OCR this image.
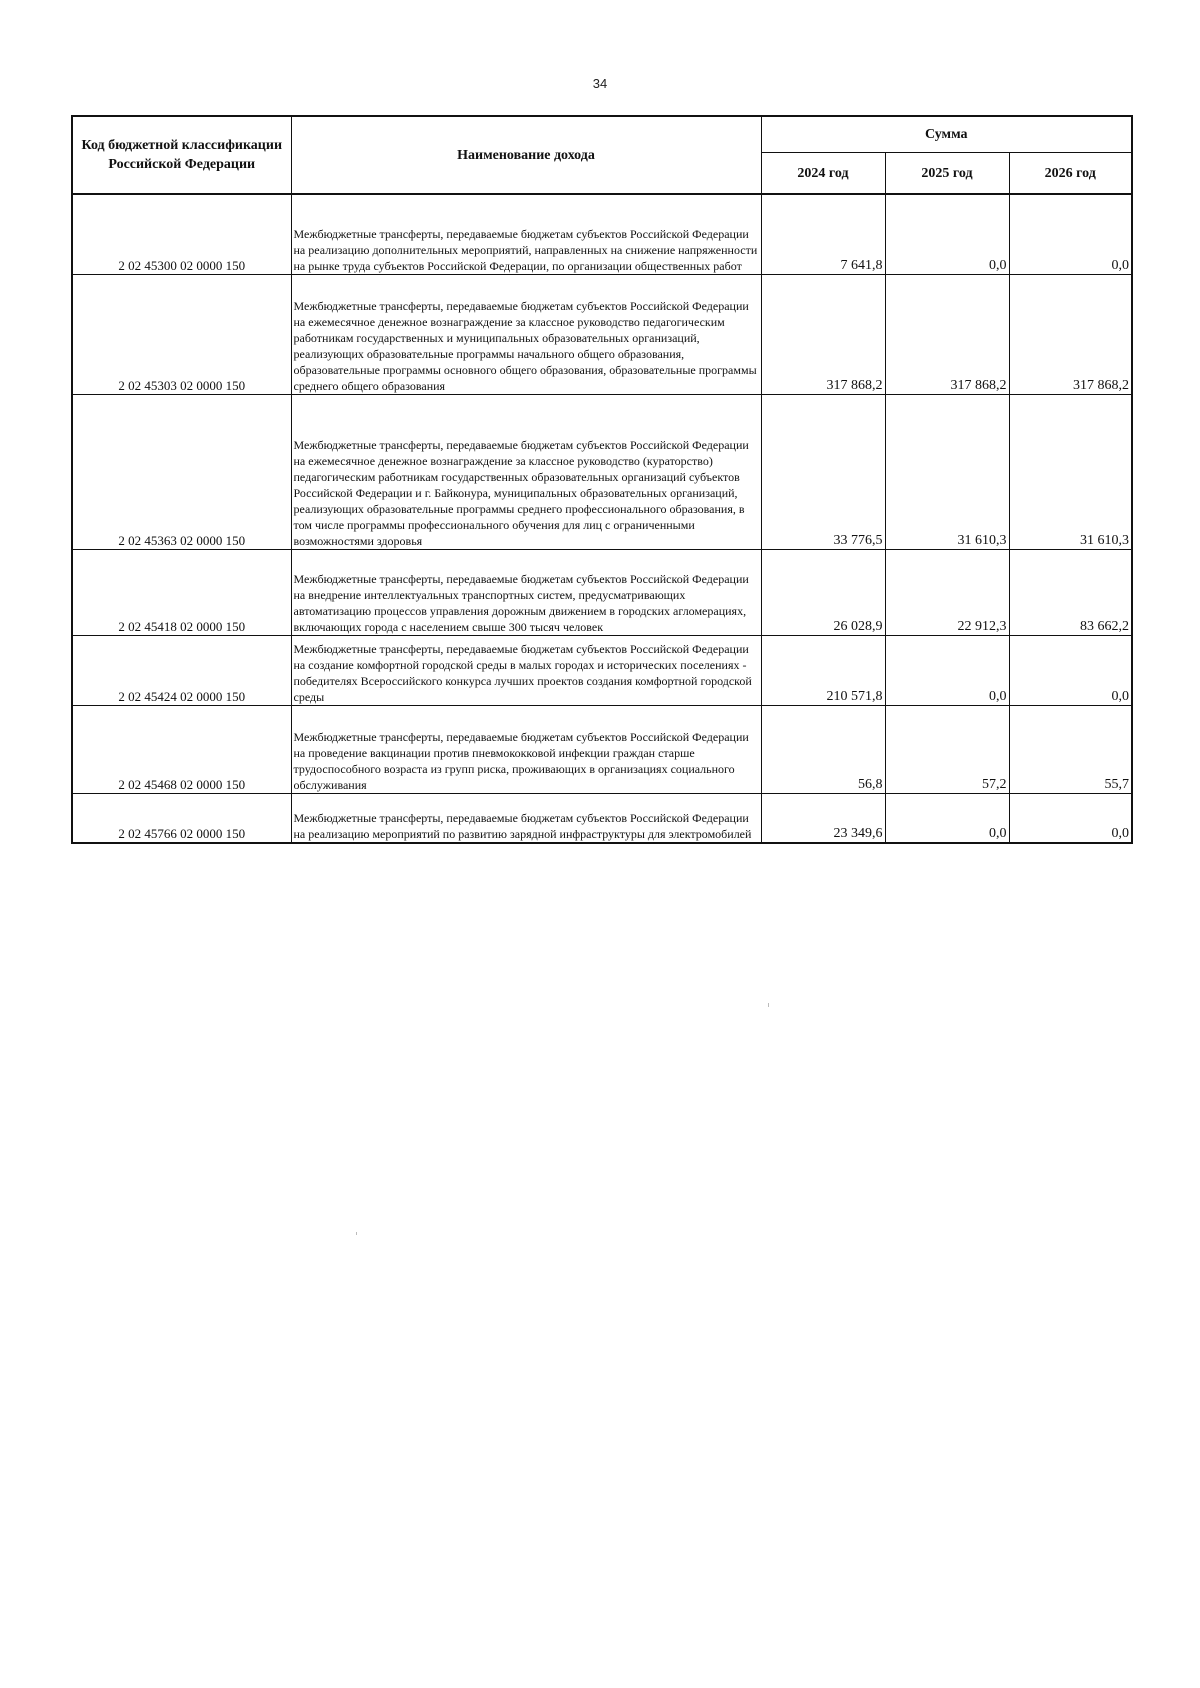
34
Код бюджетной классификации Российской Федерации	Наименование дохода	Сумма		
		2024 год	2025 год	2026 год
2 02 45300 02 0000 150	Межбюджетные трансферты, передаваемые бюджетам субъектов Российской Федерации на реализацию дополнительных мероприятий, направленных на снижение напряженности на рынке труда субъектов Российской Федерации, по организации общественных работ	7 641,8	0,0	0,0
2 02 45303 02 0000 150	Межбюджетные трансферты, передаваемые бюджетам субъектов Российской Федерации на ежемесячное денежное вознаграждение за классное руководство педагогическим работникам государственных и муниципальных образовательных организаций, реализующих образовательные программы начального общего образования, образовательные программы основного общего образования, образовательные программы среднего общего образования	317 868,2	317 868,2	317 868,2
2 02 45363 02 0000 150	Межбюджетные трансферты, передаваемые бюджетам субъектов Российской Федерации на ежемесячное денежное вознаграждение за классное руководство (кураторство) педагогическим работникам государственных образовательных организаций субъектов Российской Федерации и г. Байконура, муниципальных образовательных организаций, реализующих образовательные программы среднего профессионального образования, в том числе программы профессионального обучения для лиц с ограниченными возможностями здоровья	33 776,5	31 610,3	31 610,3
2 02 45418 02 0000 150	Межбюджетные трансферты, передаваемые бюджетам субъектов Российской Федерации на внедрение интеллектуальных транспортных систем, предусматривающих автоматизацию процессов управления дорожным движением в городских агломерациях, включающих города с населением свыше 300 тысяч человек	26 028,9	22 912,3	83 662,2
2 02 45424 02 0000 150	Межбюджетные трансферты, передаваемые бюджетам субъектов Российской Федерации на создание комфортной городской среды в малых городах и исторических поселениях - победителях Всероссийского конкурса лучших проектов создания комфортной городской среды	210 571,8	0,0	0,0
2 02 45468 02 0000 150	Межбюджетные трансферты, передаваемые бюджетам субъектов Российской Федерации на проведение вакцинации против пневмококковой инфекции граждан старше трудоспособного возраста из групп риска, проживающих в организациях социального обслуживания	56,8	57,2	55,7
2 02 45766 02 0000 150	Межбюджетные трансферты, передаваемые бюджетам субъектов Российской Федерации на реализацию мероприятий по развитию зарядной инфраструктуры для электромобилей	23 349,6	0,0	0,0
